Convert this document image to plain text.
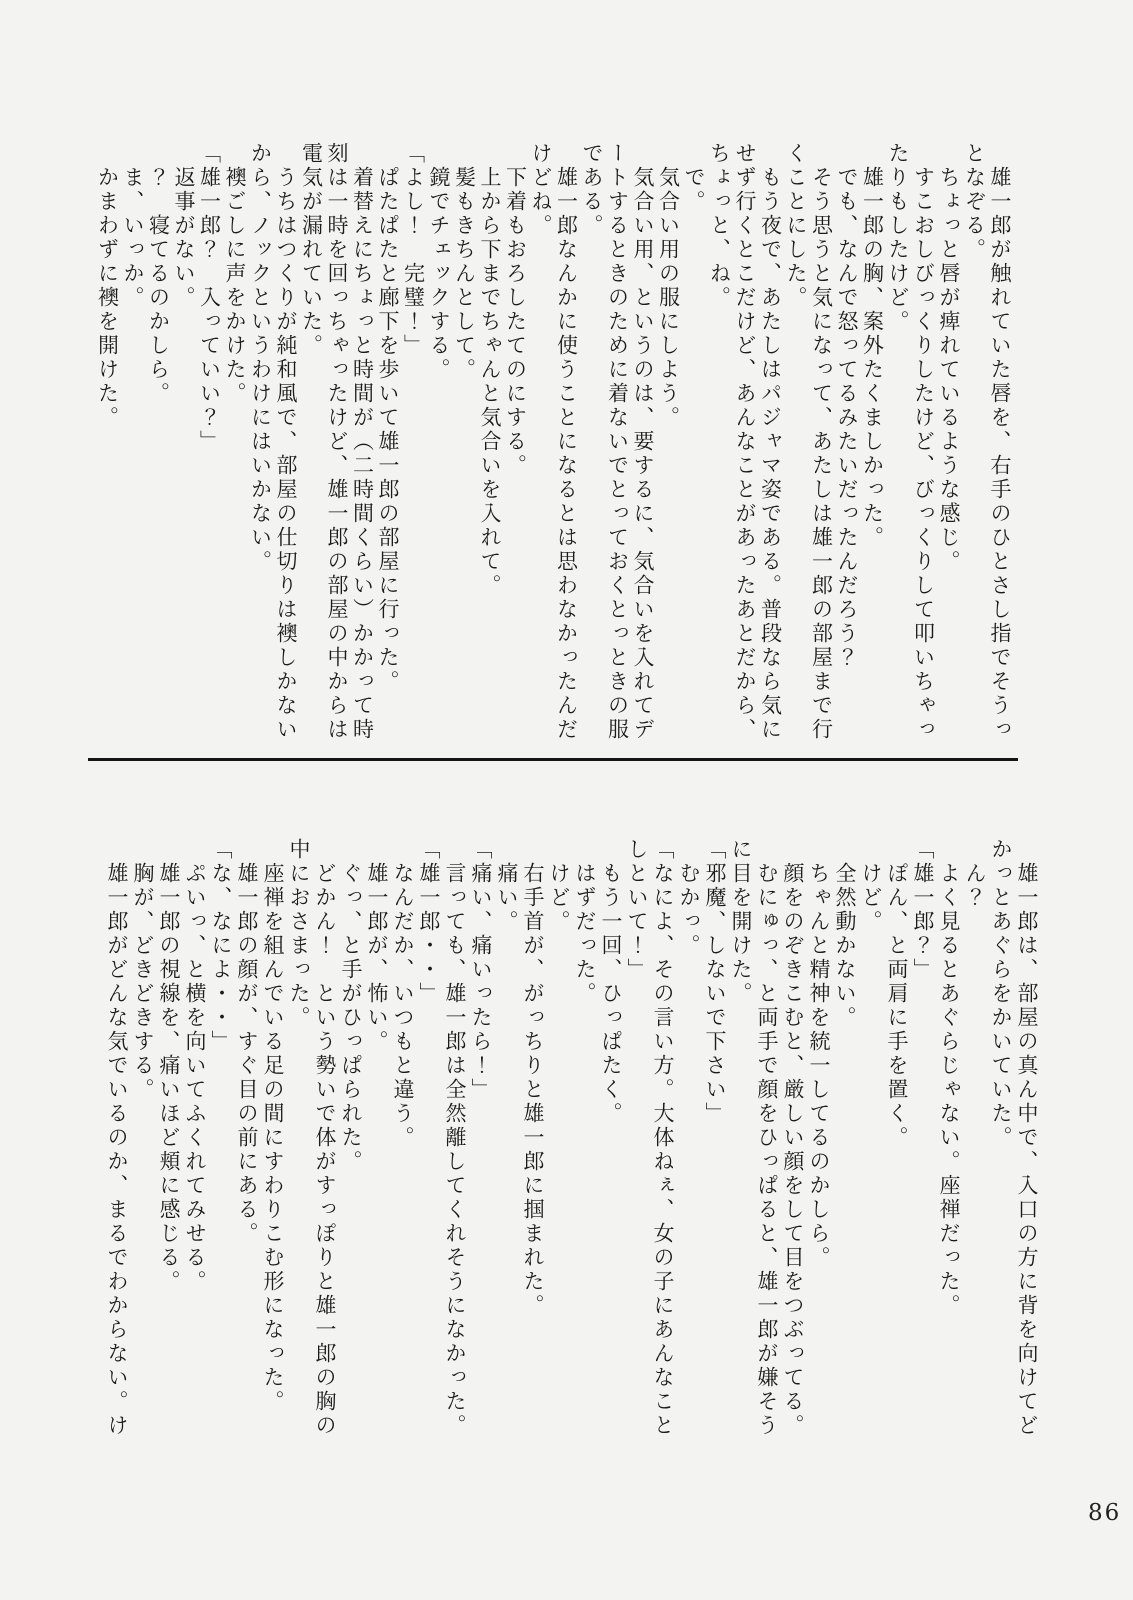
　雄一郎が触れていた唇を、右手のひとさし指でそうっとなぞる。

　ちょっと唇が痺れているような感じ。

　すこおしびっくりしたけど、びっくりして叩いちゃったりもしたけど。

　雄一郎の胸、案外たくましかった。

　でも、なんで怒ってるみたいだったんだろう？

　そう思うと気になって、あたしは雄一郎の部屋まで行くことにした。

　もう夜で、あたしはパジャマ姿である。普段なら気にせず行くとこだけど、あんなことがあったあとだから、ちょっと、ね。

　で。

　気合い用の服にしよう。

　気合い用、というのは、要するに、気合いを入れてデートするときのために着ないでとっておくとっときの服である。

　雄一郎なんかに使うことになるとは思わなかったんだけどね。

　下着もおろしたてのにする。

　上から下までちゃんと気合いを入れて。

　髪もきちんとして。

　鏡でチェックする。

「よし！　完璧！」

　ぱたぱたと廊下を歩いて雄一郎の部屋に行った。

　着替えにちょっと時間が（二時間くらい）かかって時刻は一時を回っちゃったけど、雄一郎の部屋の中からは電気が漏れていた。

　うちはつくりが純和風で、部屋の仕切りは襖しかないから、ノックというわけにはいかない。

　襖ごしに声をかけた。

「雄一郎？　入っていい？」

　返事がない。

　？　寝てるのかしら。

　ま、いっか。

　かまわずに襖を開けた。

　雄一郎は、部屋の真ん中で、入口の方に背を向けてどかっとあぐらをかいていた。

　ん？

　よく見るとあぐらじゃない。座禅だった。

「雄一郎？」

　ぽん、と両肩に手を置く。

　けど。

　全然動かない。

　ちゃんと精神を統一してるのかしら。

　顔をのぞきこむと、厳しい顔をして目をつぶってる。

　むにゅっ、と両手で顔をひっぱると、雄一郎が嫌そうに目を開けた。

「邪魔、しないで下さい」

　むかっ。

「なによ、その言い方。大体ねぇ、女の子にあんなことしといて！」

　もう一回、ひっぱたく。

　はずだった。

　けど。

　右手首が、がっちりと雄一郎に掴まれた。

　痛い。

「痛い、痛いったら！」

　言っても、雄一郎は全然離してくれそうになかった。

「雄一郎・・」

　なんだか、いつもと違う。

　雄一郎が、怖い。

　ぐっ、と手がひっぱられた。

　どかん！　という勢いで体がすっぽりと雄一郎の胸の中におさまった。

　座禅を組んでいる足の間にすわりこむ形になった。

　雄一郎の顔が、すぐ目の前にある。

「な、なによ・・」

　ぷいっ、と横を向いてふくれてみせる。

　雄一郎の視線を、痛いほど頬に感じる。

　胸が、どきどきする。

　雄一郎がどんな気でいるのか、まるでわからない。け

86
